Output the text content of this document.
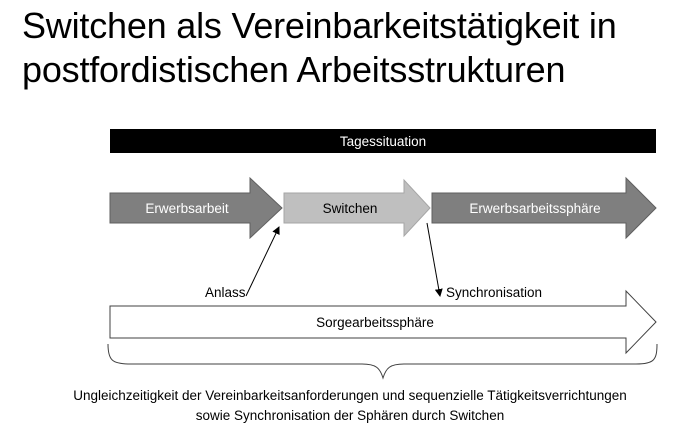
Switchen als Vereinbarkeitstätigkeit in postfordistischen Arbeitsstrukturen
Tagessituation
Erwerbsarbeit	Switchen	Erwerbsarbeitssphäre
Anlass	Synchronisation
Sorgearbeitssphäre
Ungleichzeitigkeit der Vereinbarkeitsanforderungen und sequenzielle Tätigkeitsverrichtungen
sowie Synchronisation der Sphären durch Switchen
